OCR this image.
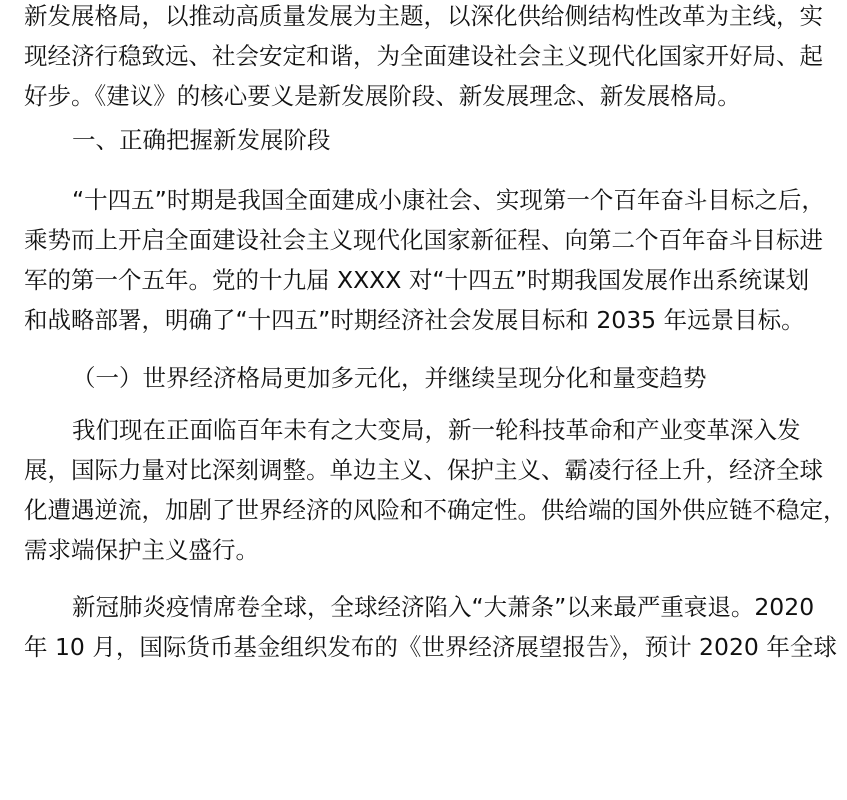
新发展格局，以推动高质量发展为主题，以深化供给侧结构性改革为主线，实
现经济行稳致远、社会安定和谐，为全面建设社会主义现代化国家开好局、起
好步。《建议》的核心要义是新发展阶段、新发展理念、新发展格局。
一、正确把握新发展阶段
“十四五”时期是我国全面建成小康社会、实现第一个百年奋斗目标之后，
乘势而上开启全面建设社会主义现代化国家新征程、向第二个百年奋斗目标进
军的第一个五年。党的十九届 XXXX 对“十四五”时期我国发展作出系统谋划
和战略部署，明确了“十四五”时期经济社会发展目标和 2035 年远景目标。
（一）世界经济格局更加多元化，并继续呈现分化和量变趋势
我们现在正面临百年未有之大变局，新一轮科技革命和产业变革深入发
展，国际力量对比深刻调整。单边主义、保护主义、霸凌行径上升，经济全球
化遭遇逆流，加剧了世界经济的风险和不确定性。供给端的国外供应链不稳定，
需求端保护主义盛行。
新冠肺炎疫情席卷全球，全球经济陷入“大萧条”以来最严重衰退。2020
年 10 月，国际货币基金组织发布的《世界经济展望报告》，预计 2020 年全球
